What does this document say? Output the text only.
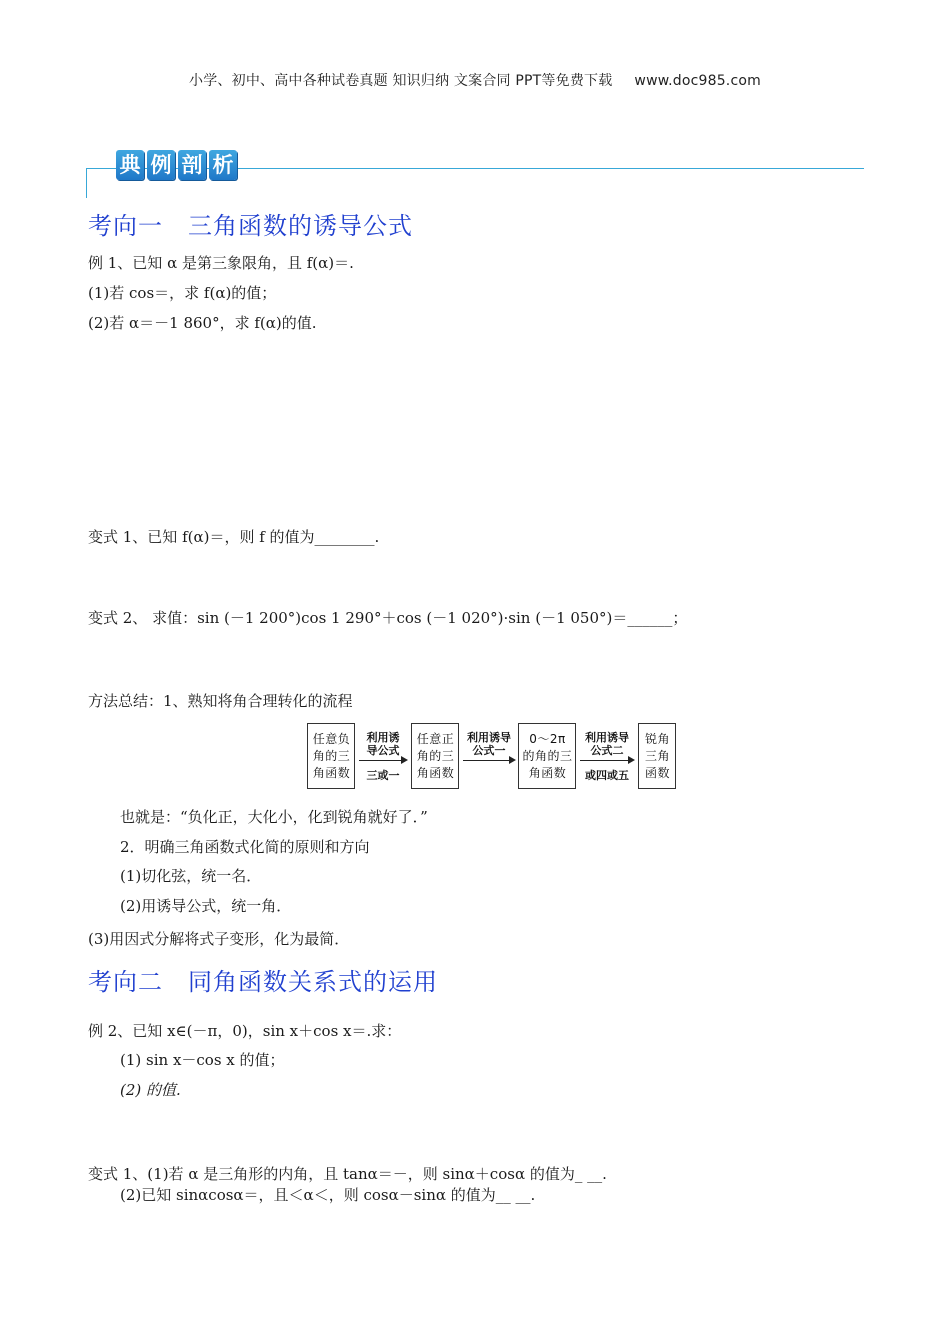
小学、初中、高中各种试卷真题 知识归纳 文案合同 PPT等免费下载 www.doc985.com
典 例 剖 析
考向一　三角函数的诱导公式
例 1、已知 α 是第三象限角，且 f(α)＝.
(1)若 cos＝，求 f(α)的值；
(2)若 α＝－1 860°，求 f(α)的值.
变式 1、已知 f(α)＝，则 f 的值为________.
变式 2、 求值：sin (－1 200°)cos 1 290°＋cos (－1 020°)·sin (－1 050°)＝______；
方法总结：1、熟知将角合理转化的流程
任意负
角的三
角函数
利用诱
导公式
三或一
任意正
角的三
角函数
利用诱导
公式一
0～2π
的角的三
角函数
利用诱导
公式二
或四或五
锐角
三角
函数
也就是：“负化正，大化小，化到锐角就好了．”
2．明确三角函数式化简的原则和方向
(1)切化弦，统一名．
(2)用诱导公式，统一角．
(3)用因式分解将式子变形，化为最简．
考向二　同角函数关系式的运用
例 2、已知 x∈(－π，0)，sin x＋cos x＝.求：
(1) sin x－cos x 的值；
(2) 的值.
变式 1、(1)若 α 是三角形的内角，且 tanα＝－，则 sinα＋cosα 的值为_ __.
(2)已知 sinαcosα＝，且＜α＜，则 cosα－sinα 的值为__ __.
